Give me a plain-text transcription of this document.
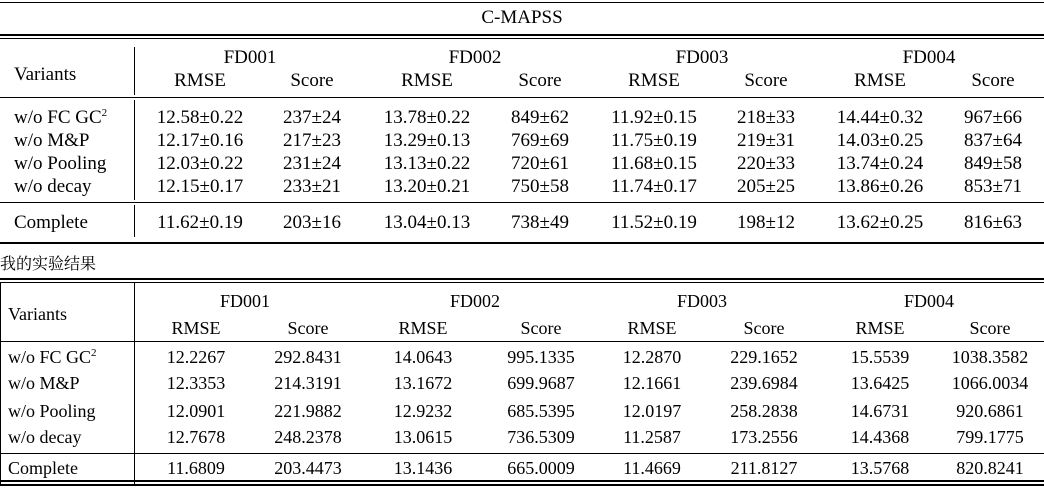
C-MAPSS
Variants
FD001	FD002	FD003	FD004
RMSE	Score	RMSE	Score	RMSE	Score	RMSE	Score
w/o FC $GC^2$	12.58±0.22	237±24	13.78±0.22	849±62	11.92±0.15	218±33	14.44±0.32	967±66
w/o M&P	12.17±0.16	217±23	13.29±0.13	769±69	11.75±0.19	219±31	14.03±0.25	837±64
w/o Pooling	12.03±0.22	231±24	13.13±0.22	720±61	11.68±0.15	220±33	13.74±0.24	849±58
w/o decay	12.15±0.17	233±21	13.20±0.21	750±58	11.74±0.17	205±25	13.86±0.26	853±71
Complete	11.62±0.19	203±16	13.04±0.13	738±49	11.52±0.19	198±12	13.62±0.25	816±63
我的实验结果
Variants
FD001	FD002	FD003	FD004
RMSE	Score	RMSE	Score	RMSE	Score	RMSE	Score
w/o FC $GC^2$	12.2267	292.8431	14.0643	995.1335	12.2870	229.1652	15.5539	1038.3582
w/o M&P	12.3353	214.3191	13.1672	699.9687	12.1661	239.6984	13.6425	1066.0034
w/o Pooling	12.0901	221.9882	12.9232	685.5395	12.0197	258.2838	14.6731	920.6861
w/o decay	12.7678	248.2378	13.0615	736.5309	11.2587	173.2556	14.4368	799.1775
Complete	11.6809	203.4473	13.1436	665.0009	11.4669	211.8127	13.5768	820.8241
